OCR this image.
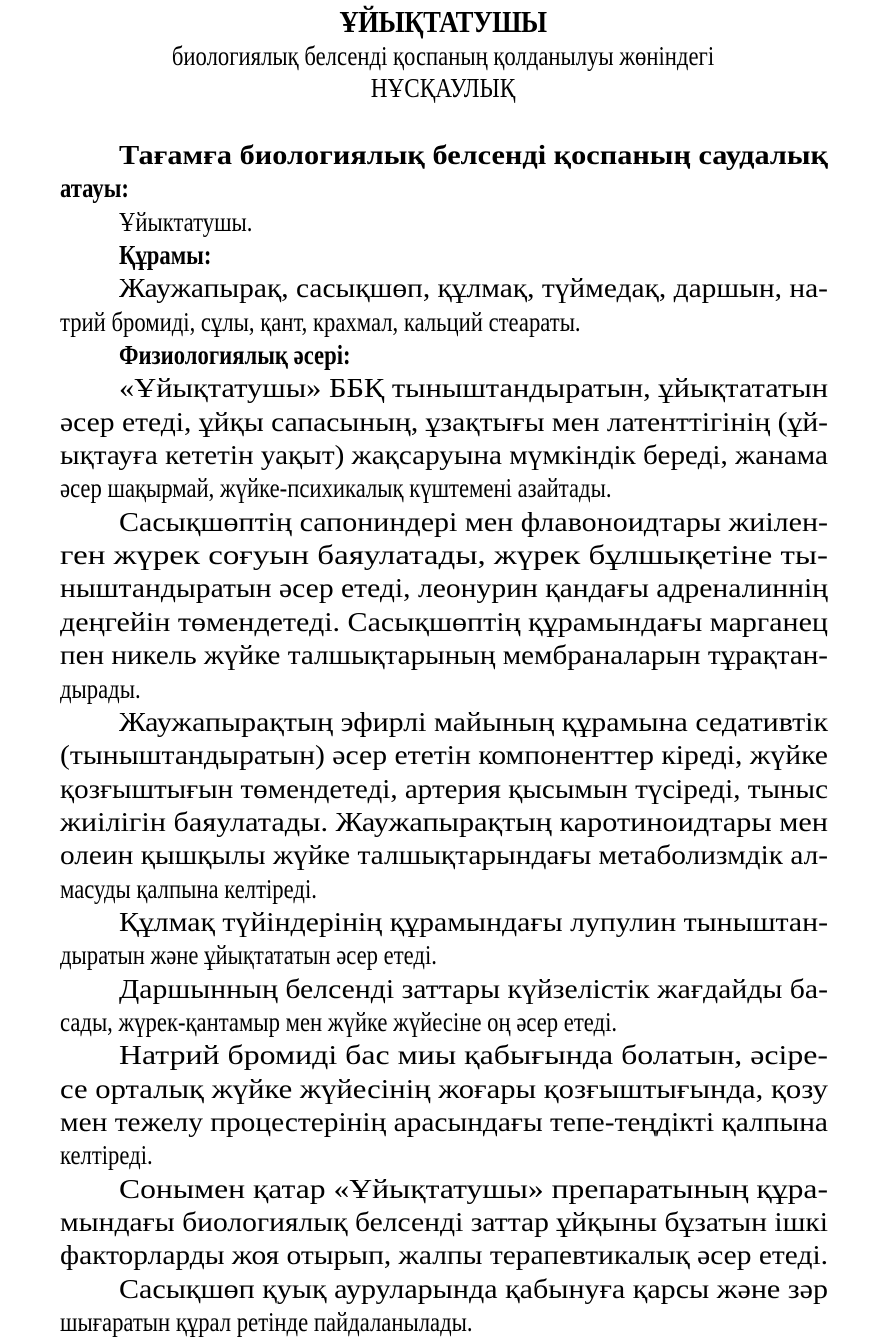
ҰЙЫҚТАТУШЫ
биологиялық белсенді қоспаның қолданылуы жөніндегі
НҰСҚАУЛЫҚ
Тағамға биологиялық белсенді қоспаның саудалық
атауы:
Ұйыктатушы.
Құрамы:
Жаужапырақ, сасықшөп, құлмақ, түймедақ, даршын, на-
трий бромиді, сұлы, қант, крахмал, кальций стеараты.
Физиологиялық әсері:
«Ұйықтатушы» ББҚ тыныштандыратын, ұйықтататын
әсер етеді, ұйқы сапасының, ұзақтығы мен латенттігінің (ұй-
ықтауға кететін уақыт) жақсаруына мүмкіндік береді, жанама
әсер шақырмай, жүйке-психикалық күштемені азайтады.
Сасықшөптің сапониндері мен флавоноидтары жиілен-
ген жүрек соғуын баяулатады, жүрек бұлшықетіне ты-
ныштандыратын әсер етеді, леонурин қандағы адреналиннің
деңгейін төмендетеді. Сасықшөптің құрамындағы марганец
пен никель жүйке талшықтарының мембраналарын тұрақтан-
дырады.
Жаужапырақтың эфирлі майының құрамына седативтік
(тыныштандыратын) әсер ететін компоненттер кіреді, жүйке
қозғыштығын төмендетеді, артерия қысымын түсіреді, тыныс
жиілігін баяулатады. Жаужапырақтың каротиноидтары мен
олеин қышқылы жүйке талшықтарындағы метаболизмдік ал-
масуды қалпына келтіреді.
Құлмақ түйіндерінің құрамындағы лупулин тыныштан-
дыратын және ұйықтататын әсер етеді.
Даршынның белсенді заттары күйзелістік жағдайды ба-
сады, жүрек-қантамыр мен жүйке жүйесіне оң әсер етеді.
Натрий бромиді бас миы қабығында болатын, әсіре-
се орталық жүйке жүйесінің жоғары қозғыштығында, қозу
мен тежелу процестерінің арасындағы тепе-теңдікті қалпына
келтіреді.
Сонымен қатар «Ұйықтатушы» препаратының құра-
мындағы биологиялық белсенді заттар ұйқыны бұзатын ішкі
факторларды жоя отырып, жалпы терапевтикалық әсер етеді.
Сасықшөп қуық ауруларында қабынуға қарсы және зәр
шығаратын құрал ретінде пайдаланылады.
